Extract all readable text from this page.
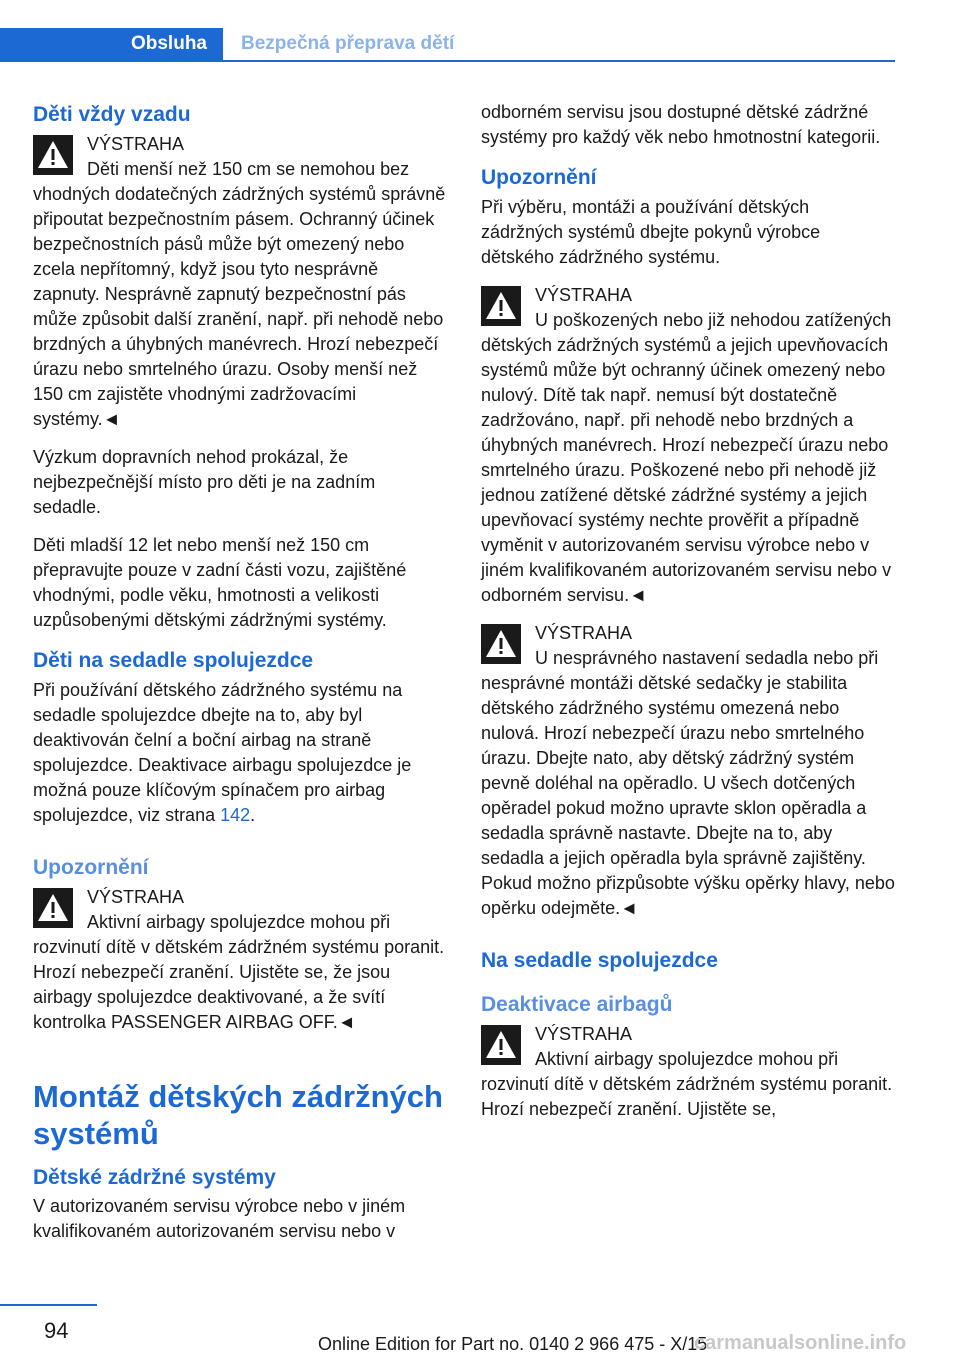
Obsluha	Bezpečná přeprava dětí
Děti vždy vzadu
VÝSTRAHA
Děti menší než 150 cm se nemohou bez vhodných dodatečných zádržných systémů správně připoutat bezpečnostním pásem. Ochranný účinek bezpečnostních pásů může být omezený nebo zcela nepřítomný, když jsou tyto nesprávně zapnuty. Nesprávně zapnutý bezpečnostní pás může způsobit další zranění, např. při nehodě nebo brzdných a úhybných manévrech. Hrozí nebezpečí úrazu nebo smrtelného úrazu. Osoby menší než 150 cm zajistěte vhodnými zadržovacími systémy.◄

Výzkum dopravních nehod prokázal, že nejbezpečnější místo pro děti je na zadním sedadle.

Děti mladší 12 let nebo menší než 150 cm přepravujte pouze v zadní části vozu, zajištěné vhodnými, podle věku, hmotnosti a velikosti uzpůsobenými dětskými zádržnými systémy.

Děti na sedadle spolujezdce

Při používání dětského zádržného systému na sedadle spolujezdce dbejte na to, aby byl deaktivován čelní a boční airbag na straně spolujezdce. Deaktivace airbagu spolujezdce je možná pouze klíčovým spínačem pro airbag spolujezdce, viz strana 142.

Upozornění
VÝSTRAHA
Aktivní airbagy spolujezdce mohou při rozvinutí dítě v dětském zádržném systému poranit. Hrozí nebezpečí zranění. Ujistěte se, že jsou airbagy spolujezdce deaktivované, a že svítí kontrolka PASSENGER AIRBAG OFF.◄
Montáž dětských zádržných systémů
Dětské zádržné systémy

V autorizovaném servisu výrobce nebo v jiném kvalifikovaném autorizovaném servisu nebo v

odborném servisu jsou dostupné dětské zádržné systémy pro každý věk nebo hmotnostní kategorii.

Upozornění

Při výběru, montáži a používání dětských zádržných systémů dbejte pokynů výrobce dětského zádržného systému.

VÝSTRAHA
U poškozených nebo již nehodou zatížených dětských zádržných systémů a jejich upevňovacích systémů může být ochranný účinek omezený nebo nulový. Dítě tak např. nemusí být dostatečně zadržováno, např. při nehodě nebo brzdných a úhybných manévrech. Hrozí nebezpečí úrazu nebo smrtelného úrazu. Poškozené nebo při nehodě již jednou zatížené dětské zádržné systémy a jejich upevňovací systémy nechte prověřit a případně vyměnit v autorizovaném servisu výrobce nebo v jiném kvalifikovaném autorizovaném servisu nebo v odborném servisu.◄
VÝSTRAHA
U nesprávného nastavení sedadla nebo při nesprávné montáži dětské sedačky je stabilita dětského zádržného systému omezená nebo nulová. Hrozí nebezpečí úrazu nebo smrtelného úrazu. Dbejte nato, aby dětský zádržný systém pevně doléhal na opěradlo. U všech dotčených opěradel pokud možno upravte sklon opěradla a sedadla správně nastavte. Dbejte na to, aby sedadla a jejich opěradla byla správně zajištěny. Pokud možno přizpůsobte výšku opěrky hlavy, nebo opěrku odejměte.◄
Na sedadle spolujezdce
Deaktivace airbagů
VÝSTRAHA
Aktivní airbagy spolujezdce mohou při rozvinutí dítě v dětském zádržném systému poranit. Hrozí nebezpečí zranění. Ujistěte se,
94
Online Edition for Part no. 0140 2 966 475 - X/15
carmanualsonline.info
